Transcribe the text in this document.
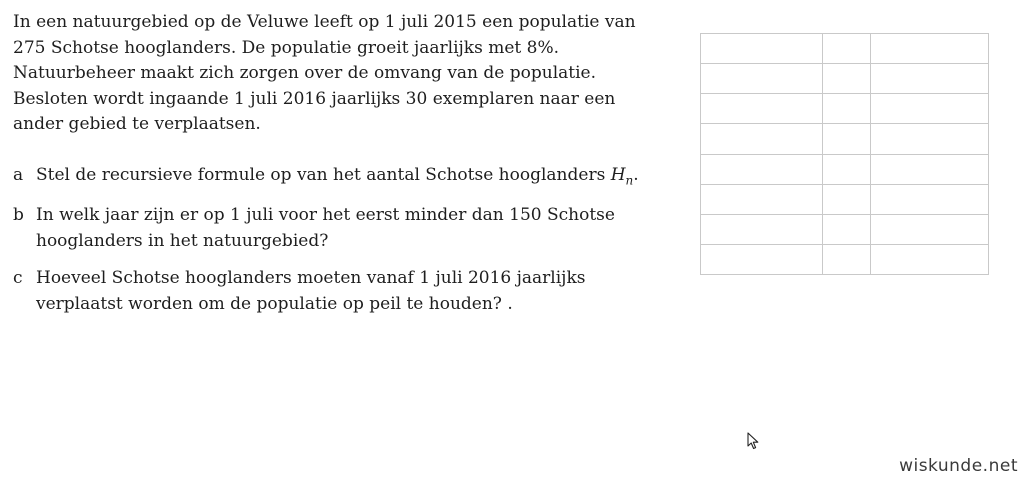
In een natuurgebied op de Veluwe leeft op 1 juli 2015 een populatie van
275 Schotse hooglanders. De populatie groeit jaarlijks met 8%.
Natuurbeheer maakt zich zorgen over de omvang van de populatie.
Besloten wordt ingaande 1 juli 2016 jaarlijks 30 exemplaren naar een
ander gebied te verplaatsen.

a Stel de recursieve formule op van het aantal Schotse hooglanders $H_n$.
b In welk jaar zijn er op 1 juli voor het eerst minder dan 150 Schotse
hooglanders in het natuurgebied?
c Hoeveel Schotse hooglanders moeten vanaf 1 juli 2016 jaarlijks
verplaatst worden om de populatie op peil te houden? .

wiskunde.net
